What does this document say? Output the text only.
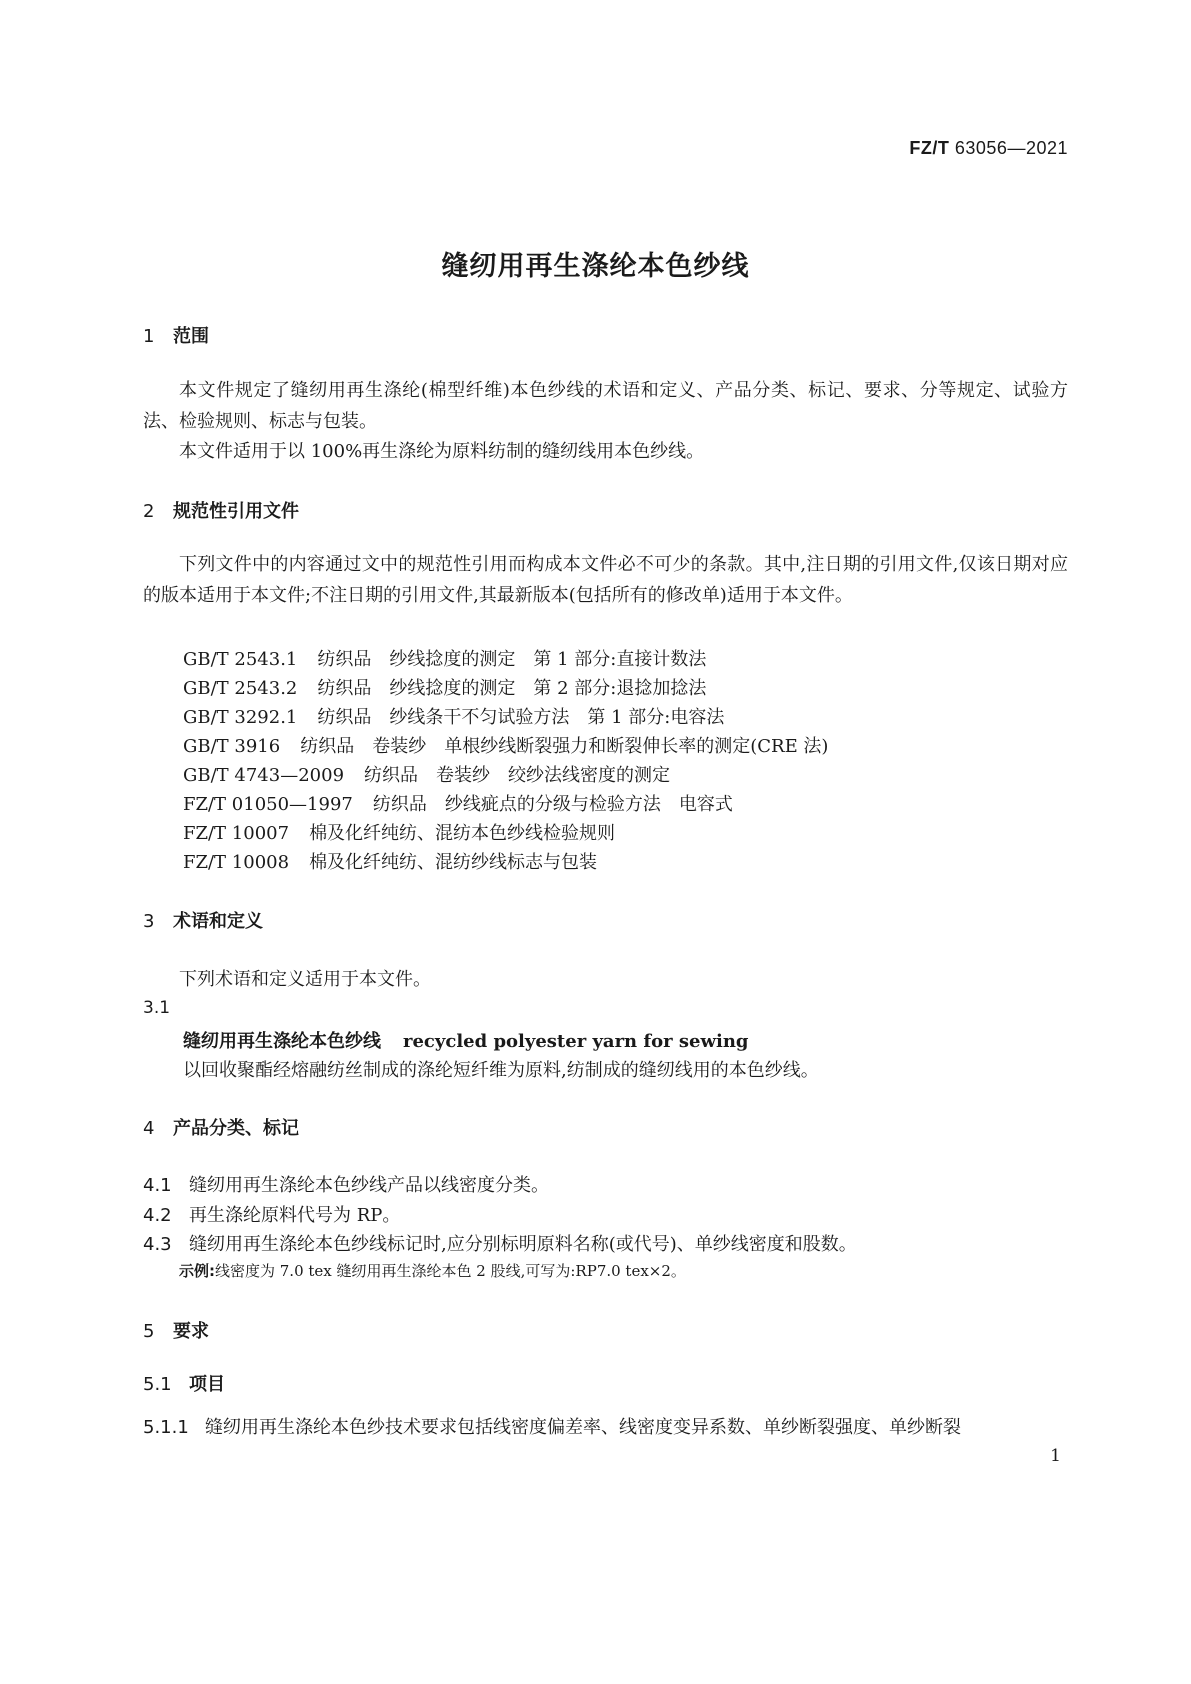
FZ/T 63056—2021
缝纫用再生涤纶本色纱线
1 范围
本文件规定了缝纫用再生涤纶(棉型纤维)本色纱线的术语和定义、产品分类、标记、要求、分等规定、试验方法、检验规则、标志与包装。
本文件适用于以 100%再生涤纶为原料纺制的缝纫线用本色纱线。
2 规范性引用文件
下列文件中的内容通过文中的规范性引用而构成本文件必不可少的条款。其中,注日期的引用文件,仅该日期对应的版本适用于本文件;不注日期的引用文件,其最新版本(包括所有的修改单)适用于本文件。
GB/T 2543.1 纺织品　纱线捻度的测定　第 1 部分:直接计数法
GB/T 2543.2 纺织品　纱线捻度的测定　第 2 部分:退捻加捻法
GB/T 3292.1 纺织品　纱线条干不匀试验方法　第 1 部分:电容法
GB/T 3916 纺织品　卷装纱　单根纱线断裂强力和断裂伸长率的测定(CRE 法)
GB/T 4743—2009 纺织品　卷装纱　绞纱法线密度的测定
FZ/T 01050—1997 纺织品　纱线疵点的分级与检验方法　电容式
FZ/T 10007 棉及化纤纯纺、混纺本色纱线检验规则
FZ/T 10008 棉及化纤纯纺、混纺纱线标志与包装
3 术语和定义
下列术语和定义适用于本文件。
3.1
缝纫用再生涤纶本色纱线 recycled polyester yarn for sewing
以回收聚酯经熔融纺丝制成的涤纶短纤维为原料,纺制成的缝纫线用的本色纱线。
4 产品分类、标记
4.1 缝纫用再生涤纶本色纱线产品以线密度分类。
4.2 再生涤纶原料代号为 RP。
4.3 缝纫用再生涤纶本色纱线标记时,应分别标明原料名称(或代号)、单纱线密度和股数。
示例:线密度为 7.0 tex 缝纫用再生涤纶本色 2 股线,可写为:RP7.0 tex×2。
5 要求
5.1 项目
5.1.1 缝纫用再生涤纶本色纱技术要求包括线密度偏差率、线密度变异系数、单纱断裂强度、单纱断裂
1
